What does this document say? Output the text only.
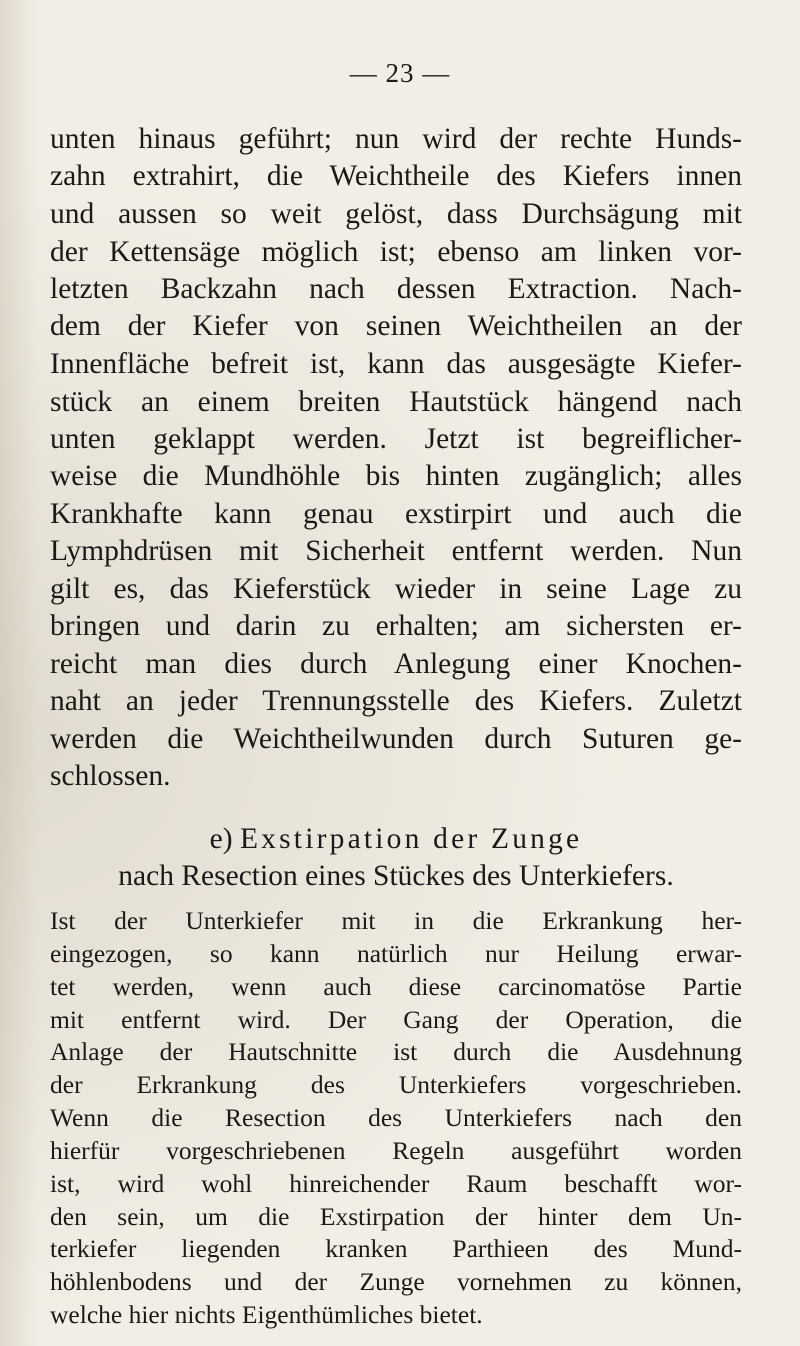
— 23 —
unten hinaus geführt; nun wird der rechte Hunds-
zahn extrahirt, die Weichtheile des Kiefers innen
und aussen so weit gelöst, dass Durchsägung mit
der Kettensäge möglich ist; ebenso am linken vor-
letzten Backzahn nach dessen Extraction. Nach-
dem der Kiefer von seinen Weichtheilen an der
Innenfläche befreit ist, kann das ausgesägte Kiefer-
stück an einem breiten Hautstück hängend nach
unten geklappt werden. Jetzt ist begreiflicher-
weise die Mundhöhle bis hinten zugänglich; alles
Krankhafte kann genau exstirpirt und auch die
Lymphdrüsen mit Sicherheit entfernt werden. Nun
gilt es, das Kieferstück wieder in seine Lage zu
bringen und darin zu erhalten; am sichersten er-
reicht man dies durch Anlegung einer Knochen-
naht an jeder Trennungsstelle des Kiefers. Zuletzt
werden die Weichtheilwunden durch Suturen ge-
schlossen.
e) Exstirpation der Zunge
nach Resection eines Stückes des Unterkiefers.
Ist der Unterkiefer mit in die Erkrankung her-
eingezogen, so kann natürlich nur Heilung erwar-
tet werden, wenn auch diese carcinomatöse Partie
mit entfernt wird. Der Gang der Operation, die
Anlage der Hautschnitte ist durch die Ausdehnung
der Erkrankung des Unterkiefers vorgeschrieben.
Wenn die Resection des Unterkiefers nach den
hierfür vorgeschriebenen Regeln ausgeführt worden
ist, wird wohl hinreichender Raum beschafft wor-
den sein, um die Exstirpation der hinter dem Un-
terkiefer liegenden kranken Parthieen des Mund-
höhlenbodens und der Zunge vornehmen zu können,
welche hier nichts Eigenthümliches bietet.
